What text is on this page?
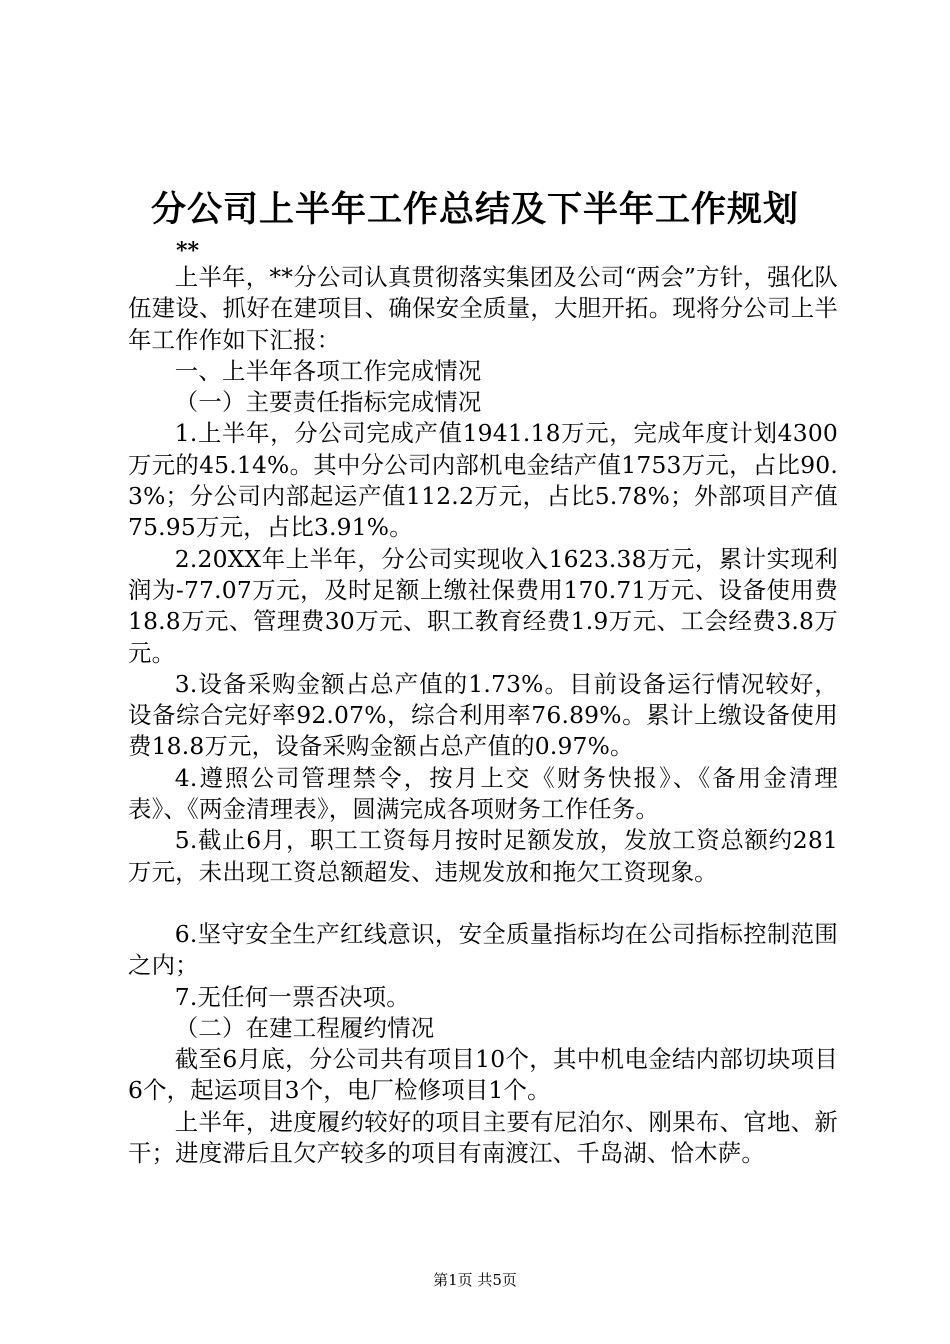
分公司上半年工作总结及下半年工作规划
**

上半年，**分公司认真贯彻落实集团及公司“两会”方针，强化队伍建设、抓好在建项目、确保安全质量，大胆开拓。现将分公司上半年工作作如下汇报：

一、上半年各项工作完成情况

（一）主要责任指标完成情况

1.上半年，分公司完成产值1941.18万元，完成年度计划4300万元的45.14%。其中分公司内部机电金结产值1753万元，占比90.3%；分公司内部起运产值112.2万元，占比5.78%；外部项目产值75.95万元，占比3.91%。

2.20XX年上半年，分公司实现收入1623.38万元，累计实现利润为-77.07万元，及时足额上缴社保费用170.71万元、设备使用费18.8万元、管理费30万元、职工教育经费1.9万元、工会经费3.8万元。

3.设备采购金额占总产值的1.73%。目前设备运行情况较好，设备综合完好率92.07%，综合利用率76.89%。累计上缴设备使用费18.8万元，设备采购金额占总产值的0.97%。

4.遵照公司管理禁令，按月上交《财务快报》、《备用金清理表》、《两金清理表》，圆满完成各项财务工作任务。

5.截止6月，职工工资每月按时足额发放，发放工资总额约281万元，未出现工资总额超发、违规发放和拖欠工资现象。

6.坚守安全生产红线意识，安全质量指标均在公司指标控制范围之内；

7.无任何一票否决项。

（二）在建工程履约情况

截至6月底，分公司共有项目10个，其中机电金结内部切块项目6个，起运项目3个，电厂检修项目1个。

上半年，进度履约较好的项目主要有尼泊尔、刚果布、官地、新干；进度滞后且欠产较多的项目有南渡江、千岛湖、恰木萨。

第1页 共5页
